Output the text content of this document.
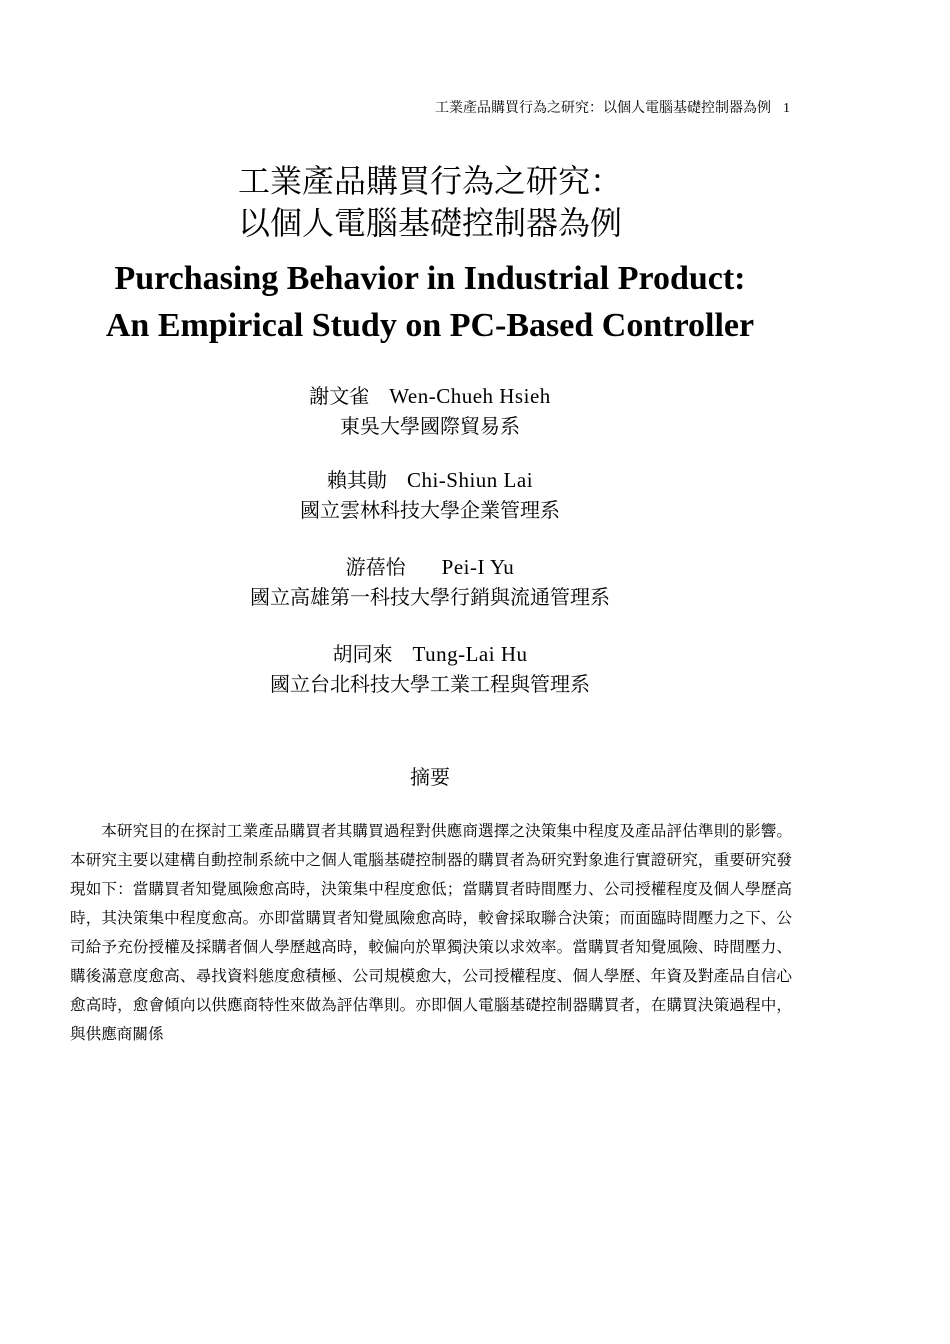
工業產品購買行為之研究：以個人電腦基礎控制器為例 1
工業產品購買行為之研究：
以個人電腦基礎控制器為例
Purchasing Behavior in Industrial Product:
An Empirical Study on PC-Based Controller
謝文雀 Wen-Chueh Hsieh
東吳大學國際貿易系
賴其勛 Chi-Shiun Lai
國立雲林科技大學企業管理系
游蓓怡 Pei-I Yu
國立高雄第一科技大學行銷與流通管理系
胡同來 Tung-Lai Hu
國立台北科技大學工業工程與管理系
摘要

本研究目的在探討工業產品購買者其購買過程對供應商選擇之決策集中程度及產品評估準則的影響。本研究主要以建構自動控制系統中之個人電腦基礎控制器的購買者為研究對象進行實證研究，重要研究發現如下：當購買者知覺風險愈高時，決策集中程度愈低；當購買者時間壓力、公司授權程度及個人學歷高時，其決策集中程度愈高。亦即當購買者知覺風險愈高時，較會採取聯合決策；而面臨時間壓力之下、公司給予充份授權及採購者個人學歷越高時，較偏向於單獨決策以求效率。當購買者知覺風險、時間壓力、購後滿意度愈高、尋找資料態度愈積極、公司規模愈大，公司授權程度、個人學歷、年資及對產品自信心愈高時，愈會傾向以供應商特性來做為評估準則。亦即個人電腦基礎控制器購買者，在購買決策過程中，與供應商關係
